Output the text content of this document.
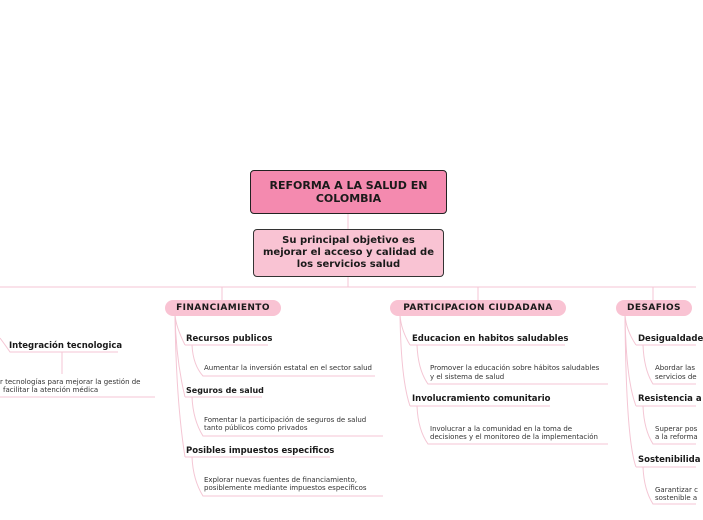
REFORMA A LA SALUD EN COLOMBIA
Su principal objetivo es mejorar el acceso y calidad de los servicios salud
Integración tecnologica
r tecnologías para mejorar la gestión de
facilitar la atención médica
FINANCIAMIENTO
Recursos publicos
Aumentar la inversión estatal en el sector salud
Seguros de salud
Fomentar la participación de seguros de salud
tanto públicos como privados
Posibles impuestos especificos
Explorar nuevas fuentes de financiamiento,
posiblemente mediante impuestos específicos
PARTICIPACION CIUDADANA
Educacion en habitos saludables
Promover la educación sobre hábitos saludables
y el sistema de salud
Involucramiento comunitario
Involucrar a la comunidad en la toma de
decisiones y el monitoreo de la implementación
DESAFIOS
Desigualdade
Abordar las
servicios de
Resistencia a
Superar pos
a la reforma
Sostenibilida
Garantizar c
sostenible a
